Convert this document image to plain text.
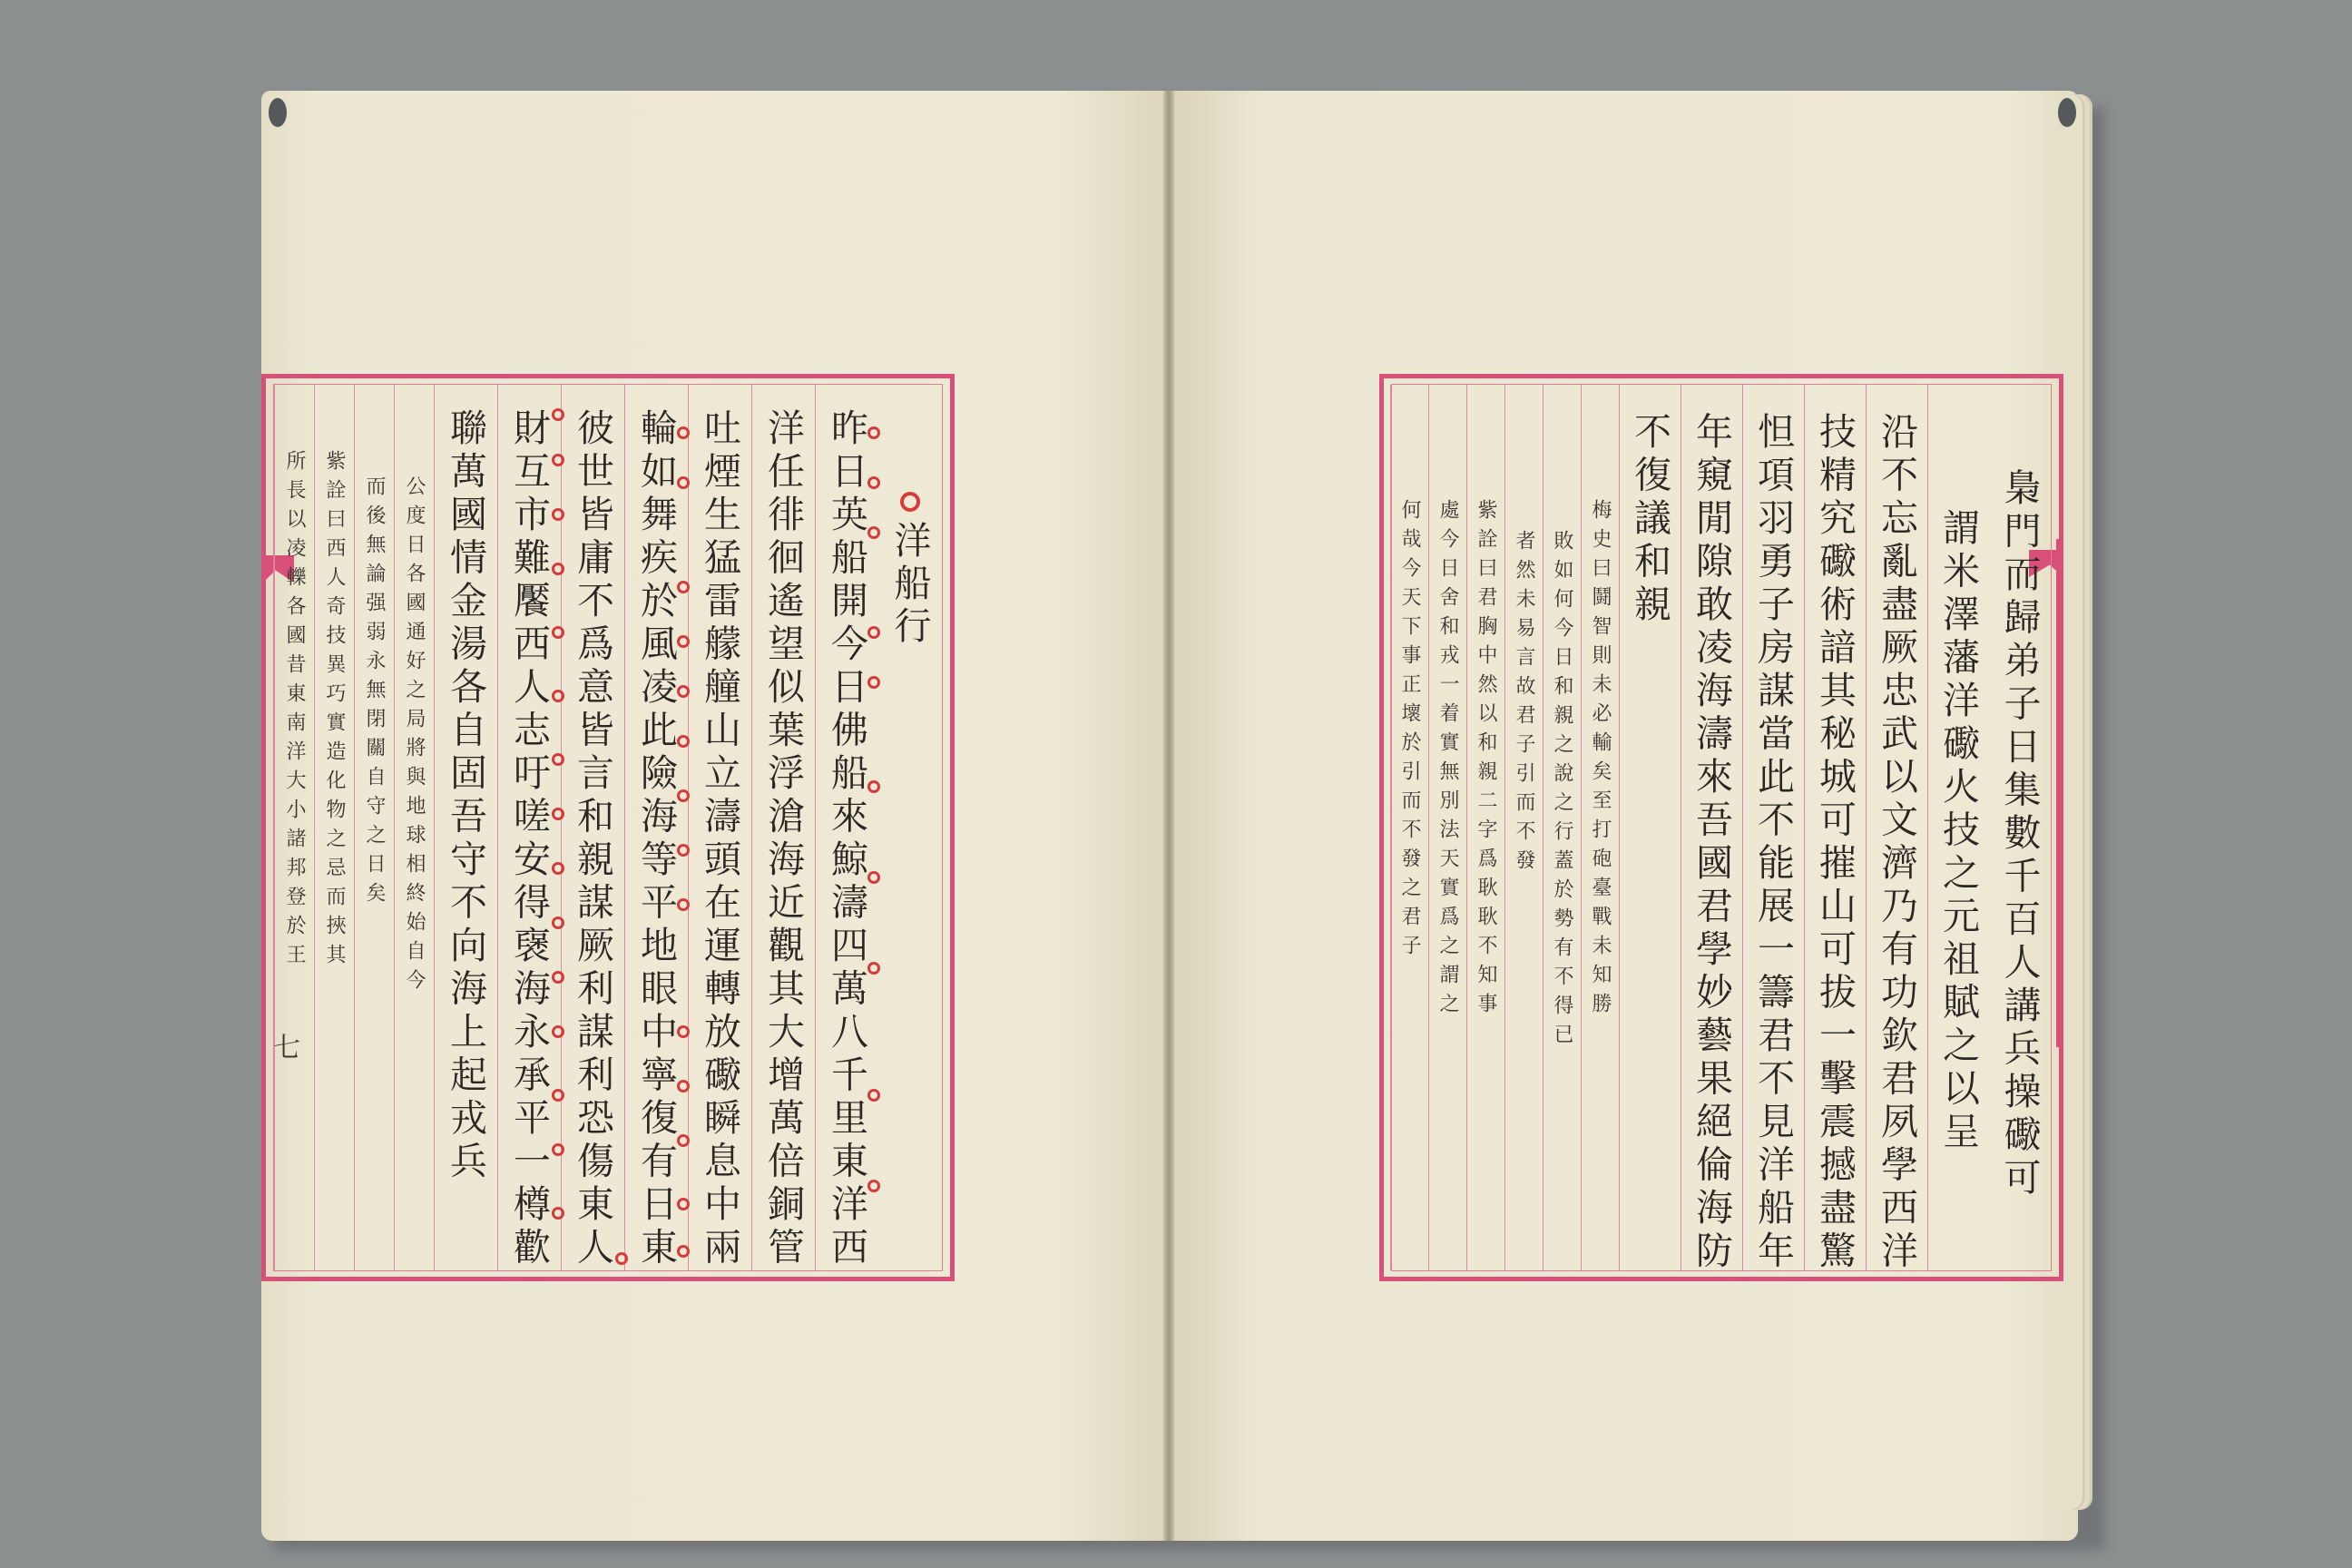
洋船行
昨日英船開今日佛船來鯨濤四萬八千里東洋西
洋任徘徊遙望似葉浮滄海近觀其大增萬倍銅管
吐煙生猛雷艨艟山立濤頭在運轉放礮瞬息中兩
輪如舞疾於風凌此險海等平地眼中寧復有日東
彼世皆庸不爲意皆言和親謀厥利謀利恐傷東人
財互市難饜西人志吁嗟安得襃海永承平一樽歡
聯萬國情金湯各自固吾守不向海上起戎兵
公度日各國通好之局將與地球相終始自今
而後無論强弱永無閉關自守之日矣
紫詮曰西人奇技異巧實造化物之忌而挾其
所長以凌轢各國昔東南洋大小諸邦登於王
七	梟門而歸弟子日集數千百人講兵操礮可
謂米澤藩洋礮火技之元祖賦之以呈
沿不忘亂盡厥忠武以文濟乃有功欽君夙學西洋
技精究礮術諳其秘城可摧山可拔一擊震撼盡驚
怛項羽勇子房謀當此不能展一籌君不見洋船年
年窺閒隙敢凌海濤來吾國君學妙藝果絕倫海防
不復議和親
梅史曰鬪智則未必輸矣至打砲臺戰未知勝
敗如何今日和親之說之行蓋於勢有不得已
者然未易言故君子引而不發
紫詮曰君胸中然以和親二字爲耿耿不知事
處今日舍和戎一着實無別法天實爲之謂之
何哉今天下事正壞於引而不發之君子
